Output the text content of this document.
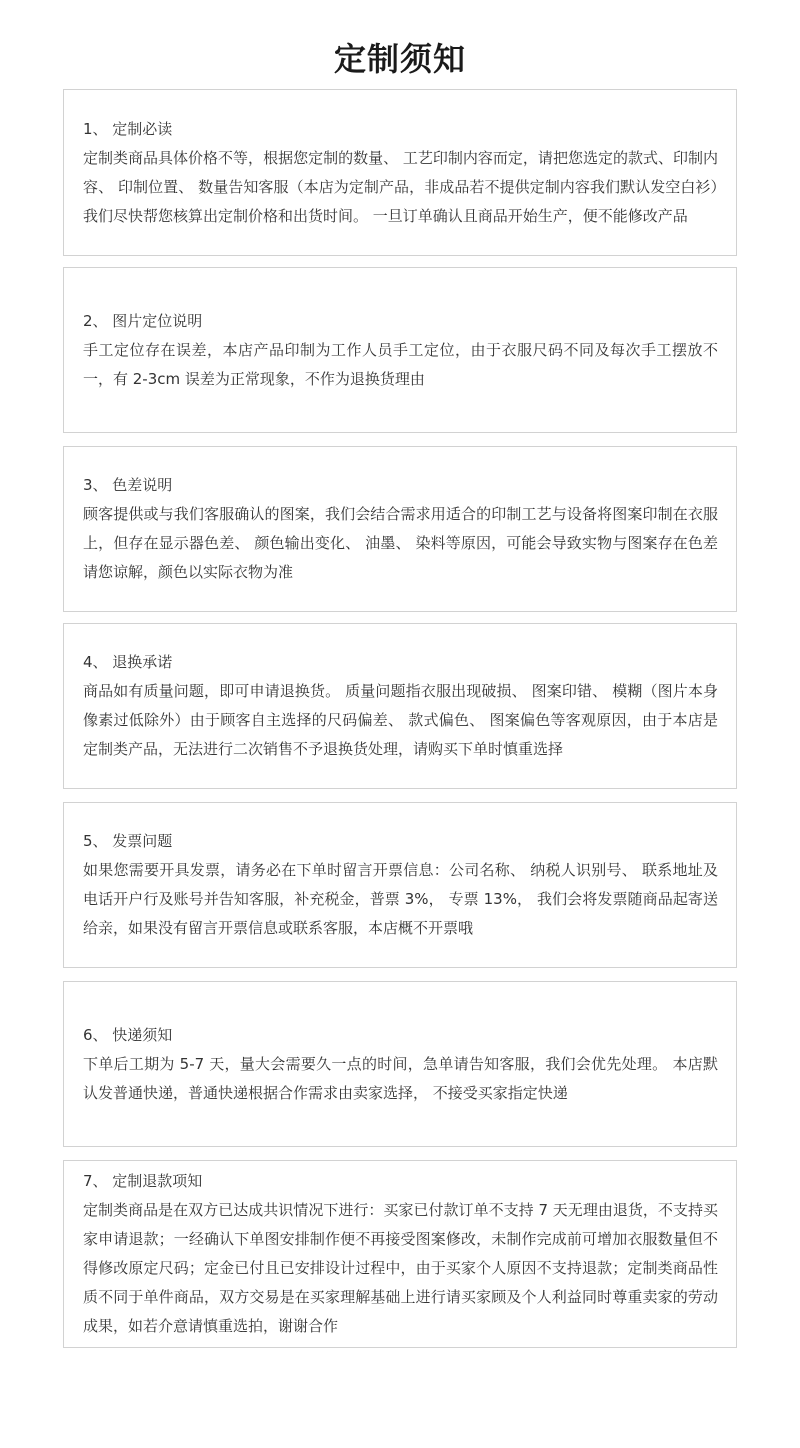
定制须知

1、 定制必读

定制类商品具体价格不等，根据您定制的数量、 工艺印制内容而定，请把您选定的款式、印制内容、 印制位置、 数量告知客服（本店为定制产品，非成品若不提供定制内容我们默认发空白衫）我们尽快帮您核算出定制价格和出货时间。 一旦订单确认且商品开始生产，便不能修改产品

2、 图片定位说明

手工定位存在误差，本店产品印制为工作人员手工定位，由于衣服尺码不同及每次手工摆放不一，有 2-3cm 误差为正常现象，不作为退换货理由

3、 色差说明

顾客提供或与我们客服确认的图案，我们会结合需求用适合的印制工艺与设备将图案印制在衣服上，但存在显示器色差、 颜色输出变化、 油墨、 染料等原因，可能会导致实物与图案存在色差请您谅解，颜色以实际衣物为准

4、 退换承诺

商品如有质量问题，即可申请退换货。 质量问题指衣服出现破损、 图案印错、 模糊（图片本身像素过低除外）由于顾客自主选择的尺码偏差、 款式偏色、 图案偏色等客观原因，由于本店是定制类产品，无法进行二次销售不予退换货处理，请购买下单时慎重选择

5、 发票问题

如果您需要开具发票，请务必在下单时留言开票信息：公司名称、 纳税人识别号、 联系地址及电话开户行及账号并告知客服，补充税金，普票 3%， 专票 13%， 我们会将发票随商品起寄送给亲，如果没有留言开票信息或联系客服，本店概不开票哦

6、 快递须知

下单后工期为 5-7 天，量大会需要久一点的时间，急单请告知客服，我们会优先处理。 本店默认发普通快递，普通快递根据合作需求由卖家选择， 不接受买家指定快递

7、 定制退款项知

定制类商品是在双方已达成共识情况下进行：买家已付款订单不支持 7 天无理由退货，不支持买家申请退款；一经确认下单图安排制作便不再接受图案修改，未制作完成前可增加衣服数量但不得修改原定尺码；定金已付且已安排设计过程中，由于买家个人原因不支持退款；定制类商品性质不同于单件商品，双方交易是在买家理解基础上进行请买家顾及个人利益同时尊重卖家的劳动成果，如若介意请慎重选拍，谢谢合作
